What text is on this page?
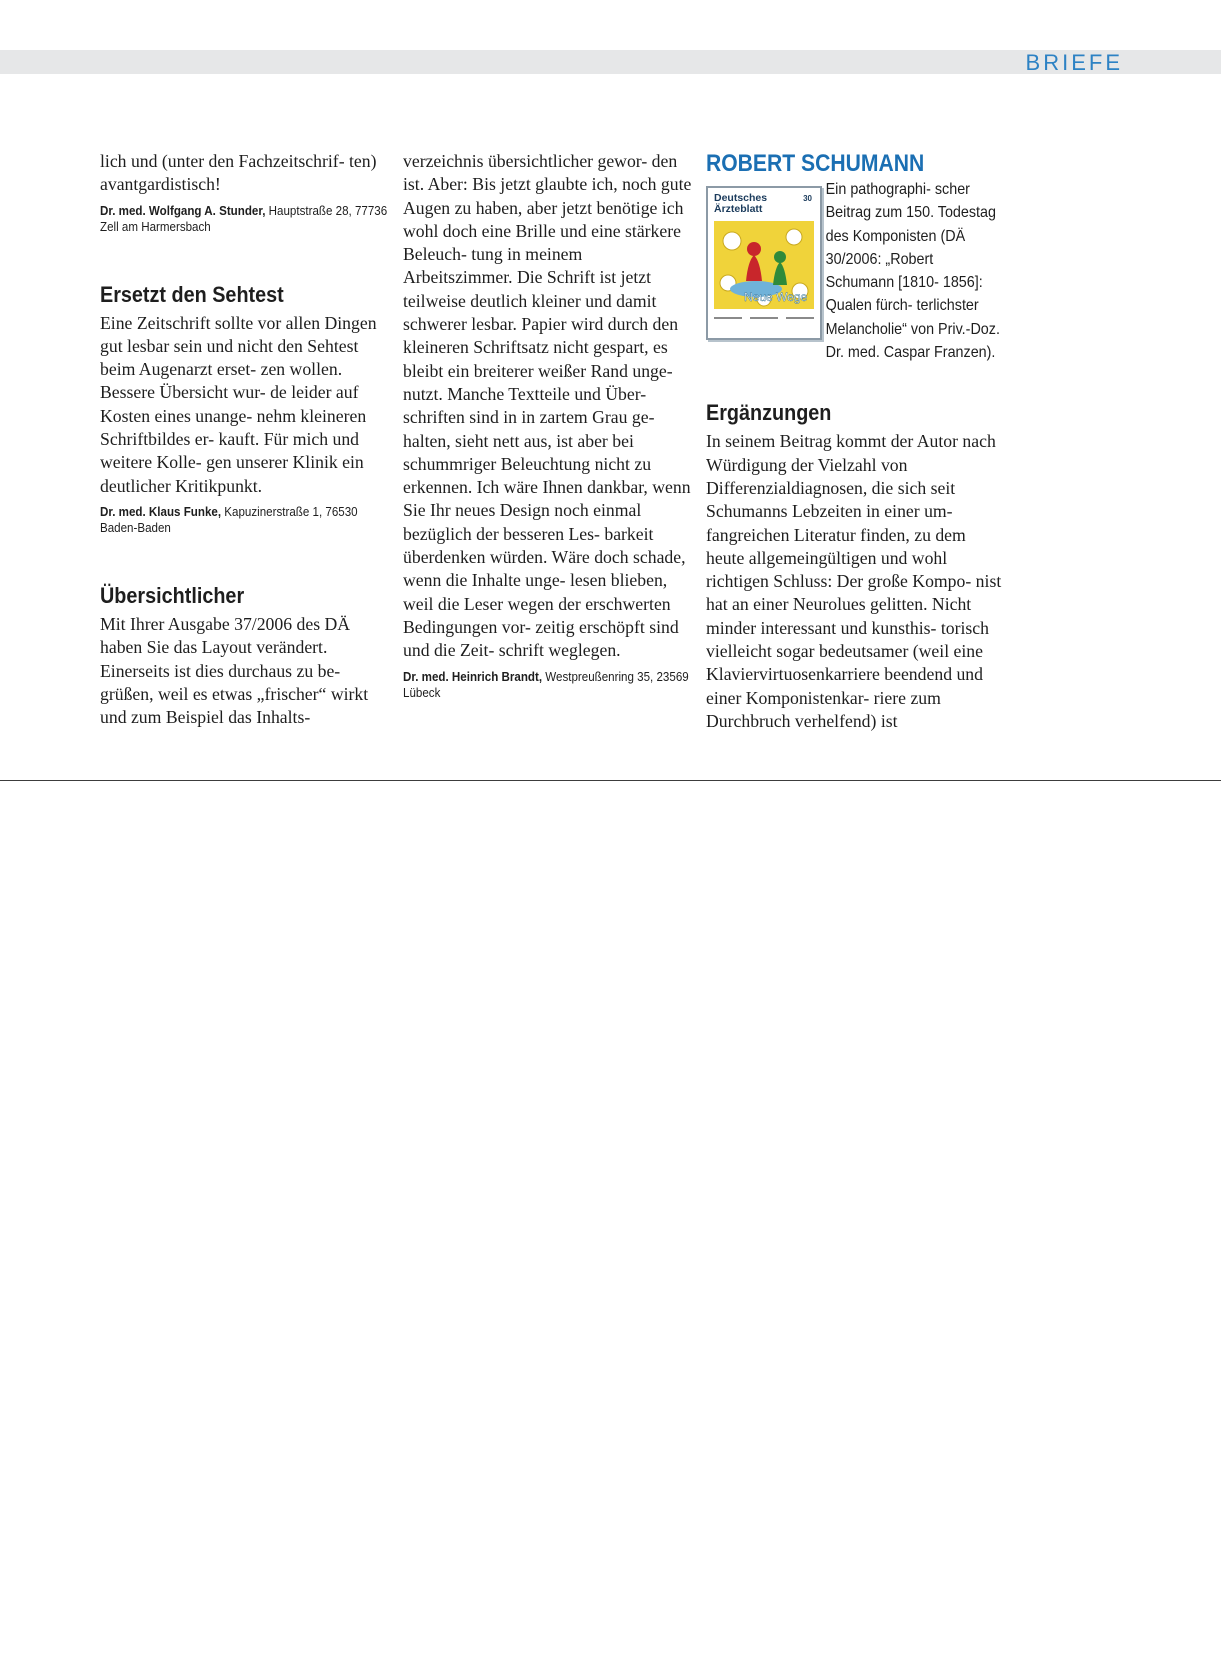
BRIEFE

lich und (unter den Fachzeitschrif- ten) avantgardistisch!

Dr. med. Wolfgang A. Stunder, Hauptstraße 28, 77736 Zell am Harmersbach

Ersetzt den Sehtest

Eine Zeitschrift sollte vor allen Dingen gut lesbar sein und nicht den Sehtest beim Augenarzt erset- zen wollen. Bessere Übersicht wur- de leider auf Kosten eines unange- nehm kleineren Schriftbildes er- kauft. Für mich und weitere Kolle- gen unserer Klinik ein deutlicher Kritikpunkt.

Dr. med. Klaus Funke, Kapuzinerstraße 1, 76530 Baden-Baden

Übersichtlicher

Mit Ihrer Ausgabe 37/2006 des DÄ haben Sie das Layout verändert. Einerseits ist dies durchaus zu be- grüßen, weil es etwas „frischer“ wirkt und zum Beispiel das Inhalts-

verzeichnis übersichtlicher gewor- den ist. Aber: Bis jetzt glaubte ich, noch gute Augen zu haben, aber jetzt benötige ich wohl doch eine Brille und eine stärkere Beleuch- tung in meinem Arbeitszimmer. Die Schrift ist jetzt teilweise deutlich kleiner und damit schwerer lesbar. Papier wird durch den kleineren Schriftsatz nicht gespart, es bleibt ein breiterer weißer Rand unge- nutzt. Manche Textteile und Über- schriften sind in in zartem Grau ge- halten, sieht nett aus, ist aber bei schummriger Beleuchtung nicht zu erkennen. Ich wäre Ihnen dankbar, wenn Sie Ihr neues Design noch einmal bezüglich der besseren Les- barkeit überdenken würden. Wäre doch schade, wenn die Inhalte unge- lesen blieben, weil die Leser wegen der erschwerten Bedingungen vor- zeitig erschöpft sind und die Zeit- schrift weglegen.

Dr. med. Heinrich Brandt, Westpreußenring 35, 23569 Lübeck

ROBERT SCHUMANN
Deutsches Ärzteblatt
30
Neue Wege

Ein pathographi- scher Beitrag zum 150. Todestag des Komponisten (DÄ 30/2006: „Robert Schumann [1810- 1856]: Qualen fürch- terlichster Melancholie“ von Priv.-Doz. Dr. med. Caspar Franzen).

Ergänzungen

In seinem Beitrag kommt der Autor nach Würdigung der Vielzahl von Differenzialdiagnosen, die sich seit Schumanns Lebzeiten in einer um- fangreichen Literatur finden, zu dem heute allgemeingültigen und wohl richtigen Schluss: Der große Kompo- nist hat an einer Neurolues gelitten. Nicht minder interessant und kunsthis- torisch vielleicht sogar bedeutsamer (weil eine Klaviervirtuosenkarriere beendend und einer Komponistenkar- riere zum Durchbruch verhelfend) ist
